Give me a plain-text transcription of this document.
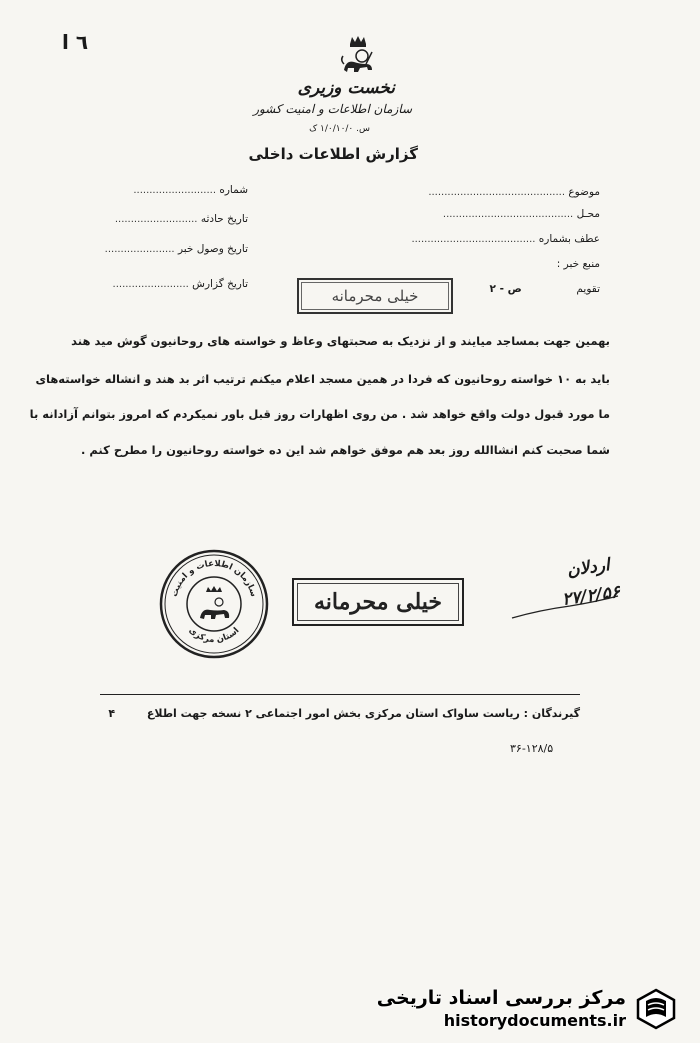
٦ ا
نخست وزیری
سازمان اطلاعات و امنیت کشور
س. ۱/۰/۱۰/۰ ک
گزارش اطلاعات داخلی
موضوع ...........................................
محـل .........................................
عطف بشماره .......................................
منبع خبر :
تقویم  ص - ۲
شماره ..........................
تاریخ حادثه ..........................
تاریخ وصول خبر ......................
تاریخ گزارش ........................
خیلی محرمانه
بهمین جهت بمساجد میایند و از نزدیک به صحبتهای وعاظ و خواسته های روحانیون گوش مید هند
باید به ۱۰ خواسته روحانیون که فردا در همین مسجد اعلام میکنم ترتیب اثر بد هند و انشاله خواسته‌های
ما مورد قبول دولت واقع خواهد شد . من روی اظهارات روز قبل باور نمیکردم که امروز بتوانم آزادانه با
شما صحبت کنم انشاالله روز بعد هم موفق خواهم شد این ده خواسته روحانیون را مطرح کنم .
سازمان اطلاعات و امنیت
استان مرکزی
خیلی محرمانه
اردلان
۲۷/۲/۵۶
گیرندگان : ریاست ساواک استان مرکزی بخش امور اجتماعی ۲ نسخه جهت اطلاع  ۴
۳۶-۱۲۸/۵
مرکز بررسی اسناد تاریخی
historydocuments.ir
